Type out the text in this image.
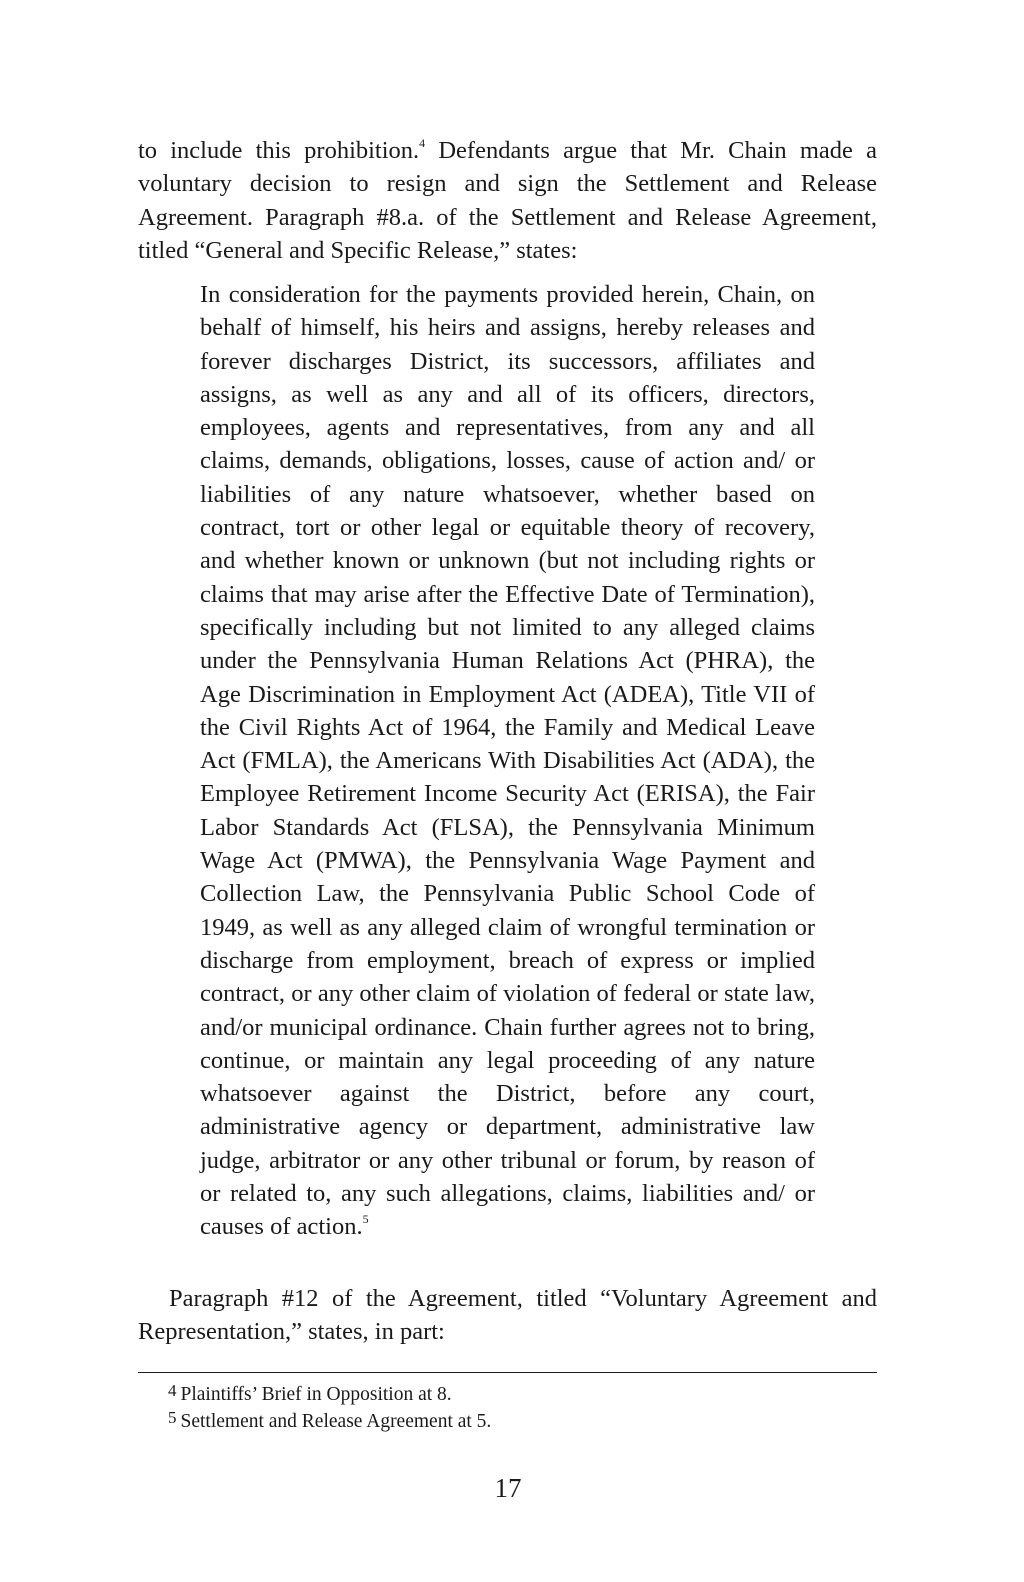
to include this prohibition.$^4$ Defendants argue that Mr. Chain made a voluntary decision to resign and sign the Settlement and Release Agreement. Paragraph #8.a. of the Settlement and Release Agreement, titled “General and Specific Release,” states:

In consideration for the payments provided herein, Chain, on behalf of himself, his heirs and assigns, hereby releases and forever discharges District, its successors, affiliates and assigns, as well as any and all of its officers, directors, employees, agents and representatives, from any and all claims, demands, obligations, losses, cause of action and/ or liabilities of any nature whatsoever, whether based on contract, tort or other legal or equitable theory of recovery, and whether known or unknown (but not including rights or claims that may arise after the Effective Date of Termination), specifically including but not limited to any alleged claims under the Pennsylvania Human Relations Act (PHRA), the Age Discrimination in Employment Act (ADEA), Title VII of the Civil Rights Act of 1964, the Family and Medical Leave Act (FMLA), the Americans With Disabilities Act (ADA), the Employee Retirement Income Security Act (ERISA), the Fair Labor Standards Act (FLSA), the Pennsylvania Minimum Wage Act (PMWA), the Pennsylvania Wage Payment and Collection Law, the Pennsylvania Public School Code of 1949, as well as any alleged claim of wrongful termination or discharge from employment, breach of express or implied contract, or any other claim of violation of federal or state law, and/or municipal ordinance. Chain further agrees not to bring, continue, or maintain any legal proceeding of any nature whatsoever against the District, before any court, administrative agency or department, administrative law judge, arbitrator or any other tribunal or forum, by reason of or related to, any such allegations, claims, liabilities and/ or causes of action.$^5$

Paragraph #12 of the Agreement, titled “Voluntary Agreement and Representation,” states, in part:

4 Plaintiffs’ Brief in Opposition at 8.
5 Settlement and Release Agreement at 5.
17
